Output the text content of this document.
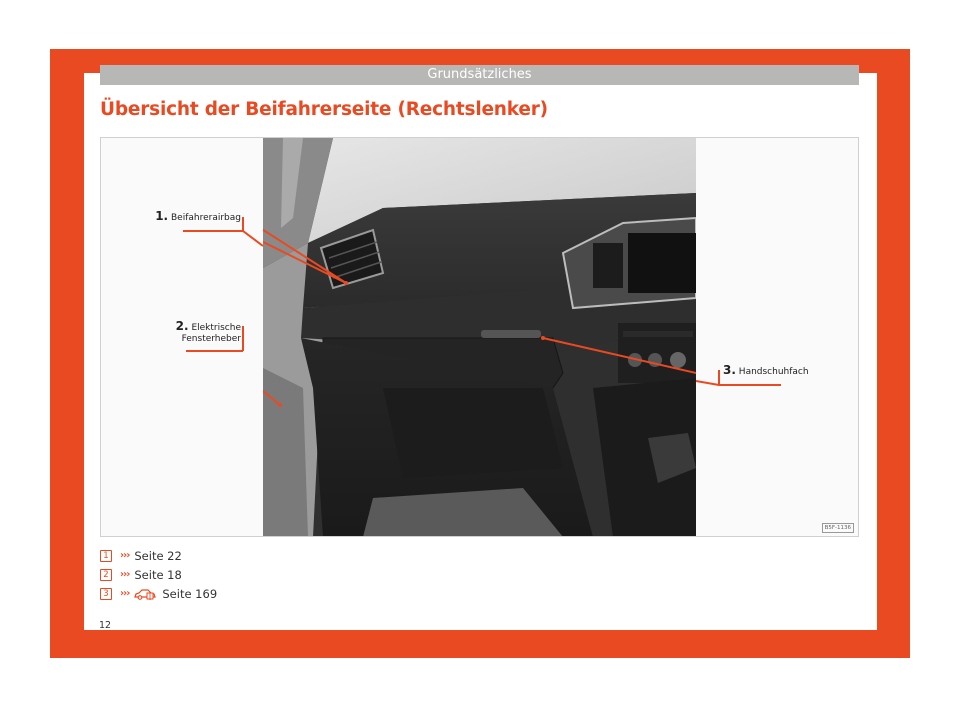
Grundsätzliches
Übersicht der Beifahrerseite (Rechtslenker)
1. Beifahrerairbag
2. Elektrische
Fensterheber
3. Handschuhfach
B5F-1136
1	››› Seite 22
2	››› Seite 18
3	›››	Seite 169
12
